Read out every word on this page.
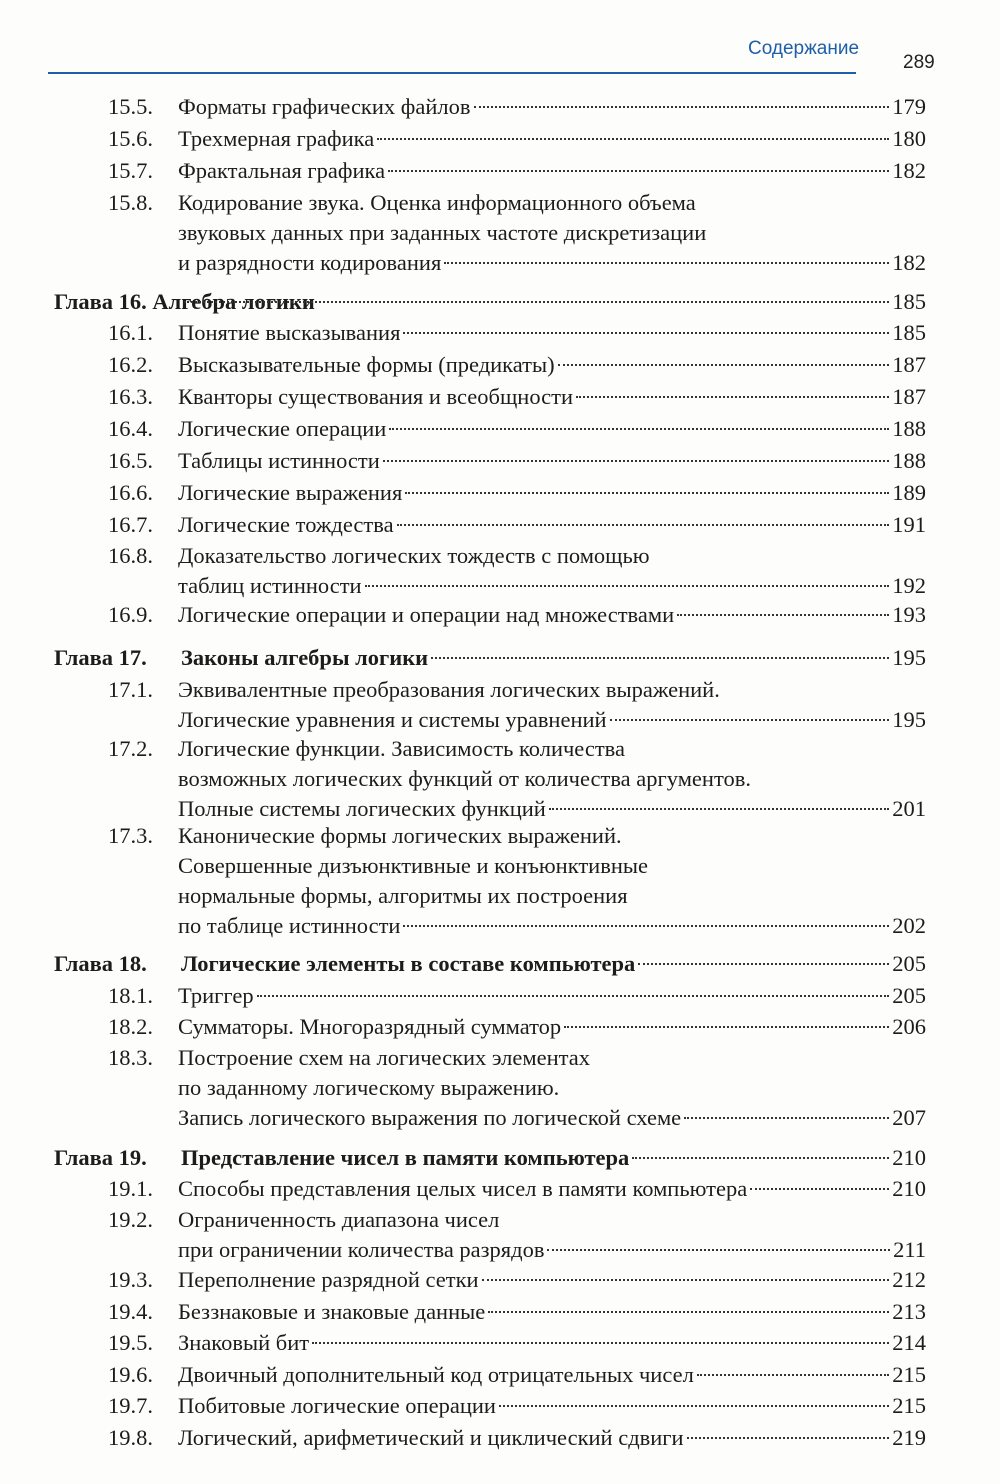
Содержание
289
15.5.	Форматы графических файлов	179
15.6.	Трехмерная графика	180
15.7.	Фрактальная графика	182
15.8.	Кодирование звука. Оценка информационного объема
звуковых данных при заданных частоте дискретизации
и разрядности кодирования	182
Глава 16. Алгебра логики	185
16.1.	Понятие высказывания	185
16.2.	Высказывательные формы (предикаты)	187
16.3.	Кванторы существования и всеобщности	187
16.4.	Логические операции	188
16.5.	Таблицы истинности	188
16.6.	Логические выражения	189
16.7.	Логические тождества	191
16.8.	Доказательство логических тождеств с помощью
таблиц истинности	192
16.9.	Логические операции и операции над множествами	193
Глава 17.	Законы алгебры логики	195
17.1.	Эквивалентные преобразования логических выражений.
Логические уравнения и системы уравнений	195
17.2.	Логические функции. Зависимость количества
возможных логических функций от количества аргументов.
Полные системы логических функций	201
17.3.	Канонические формы логических выражений.
Совершенные дизъюнктивные и конъюнктивные
нормальные формы, алгоритмы их построения
по таблице истинности	202
Глава 18.	Логические элементы в составе компьютера	205
18.1.	Триггер	205
18.2.	Сумматоры. Многоразрядный сумматор	206
18.3.	Построение схем на логических элементах
по заданному логическому выражению.
Запись логического выражения по логической схеме	207
Глава 19.	Представление чисел в памяти компьютера	210
19.1.	Способы представления целых чисел в памяти компьютера	210
19.2.	Ограниченность диапазона чисел
при ограничении количества разрядов	211
19.3.	Переполнение разрядной сетки	212
19.4.	Беззнаковые и знаковые данные	213
19.5.	Знаковый бит	214
19.6.	Двоичный дополнительный код отрицательных чисел	215
19.7.	Побитовые логические операции	215
19.8.	Логический, арифметический и циклический сдвиги	219
